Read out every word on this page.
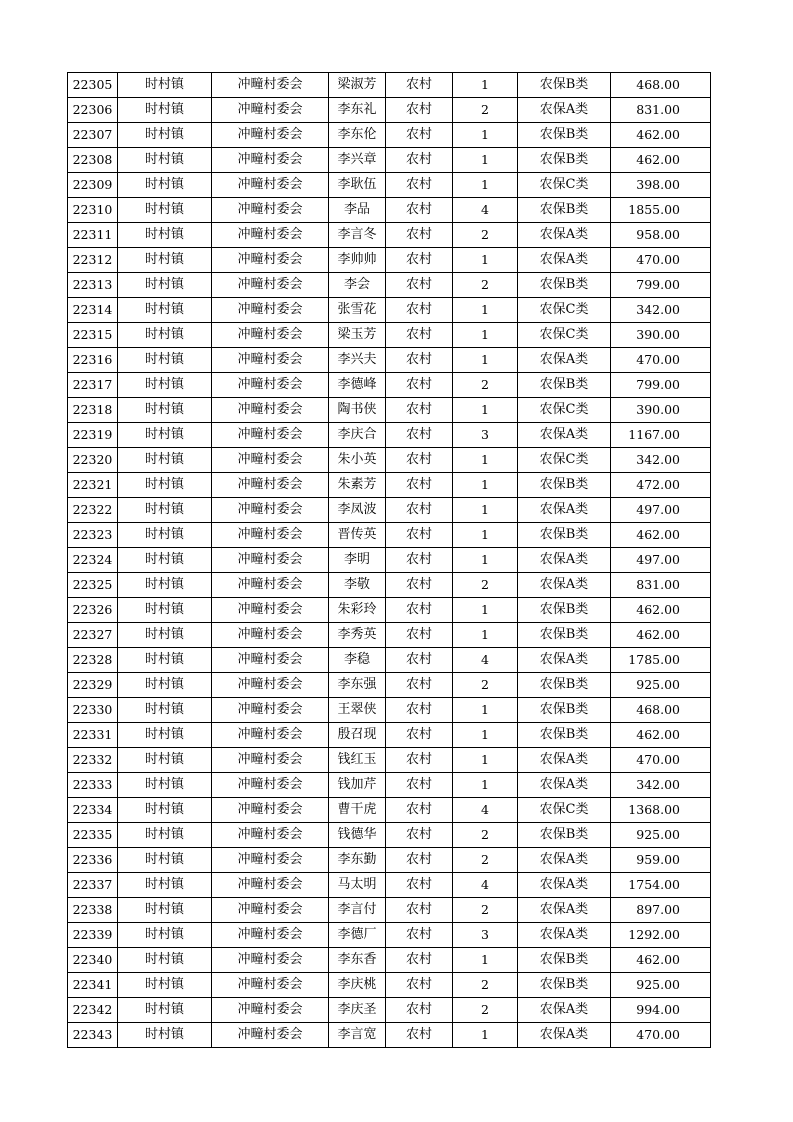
22305	时村镇	冲疃村委会	梁淑芳	农村	1	农保B类	468.00
22306	时村镇	冲疃村委会	李东礼	农村	2	农保A类	831.00
22307	时村镇	冲疃村委会	李东伦	农村	1	农保B类	462.00
22308	时村镇	冲疃村委会	李兴章	农村	1	农保B类	462.00
22309	时村镇	冲疃村委会	李耿伍	农村	1	农保C类	398.00
22310	时村镇	冲疃村委会	李品	农村	4	农保B类	1855.00
22311	时村镇	冲疃村委会	李言冬	农村	2	农保A类	958.00
22312	时村镇	冲疃村委会	李帅帅	农村	1	农保A类	470.00
22313	时村镇	冲疃村委会	李会	农村	2	农保B类	799.00
22314	时村镇	冲疃村委会	张雪花	农村	1	农保C类	342.00
22315	时村镇	冲疃村委会	梁玉芳	农村	1	农保C类	390.00
22316	时村镇	冲疃村委会	李兴夫	农村	1	农保A类	470.00
22317	时村镇	冲疃村委会	李德峰	农村	2	农保B类	799.00
22318	时村镇	冲疃村委会	陶书侠	农村	1	农保C类	390.00
22319	时村镇	冲疃村委会	李庆合	农村	3	农保A类	1167.00
22320	时村镇	冲疃村委会	朱小英	农村	1	农保C类	342.00
22321	时村镇	冲疃村委会	朱素芳	农村	1	农保B类	472.00
22322	时村镇	冲疃村委会	李凤波	农村	1	农保A类	497.00
22323	时村镇	冲疃村委会	晋传英	农村	1	农保B类	462.00
22324	时村镇	冲疃村委会	李明	农村	1	农保A类	497.00
22325	时村镇	冲疃村委会	李敬	农村	2	农保A类	831.00
22326	时村镇	冲疃村委会	朱彩玲	农村	1	农保B类	462.00
22327	时村镇	冲疃村委会	李秀英	农村	1	农保B类	462.00
22328	时村镇	冲疃村委会	李稳	农村	4	农保A类	1785.00
22329	时村镇	冲疃村委会	李东强	农村	2	农保B类	925.00
22330	时村镇	冲疃村委会	王翠侠	农村	1	农保B类	468.00
22331	时村镇	冲疃村委会	殷召现	农村	1	农保B类	462.00
22332	时村镇	冲疃村委会	钱红玉	农村	1	农保A类	470.00
22333	时村镇	冲疃村委会	钱加芹	农村	1	农保A类	342.00
22334	时村镇	冲疃村委会	曹干虎	农村	4	农保C类	1368.00
22335	时村镇	冲疃村委会	钱德华	农村	2	农保B类	925.00
22336	时村镇	冲疃村委会	李东勤	农村	2	农保A类	959.00
22337	时村镇	冲疃村委会	马太明	农村	4	农保A类	1754.00
22338	时村镇	冲疃村委会	李言付	农村	2	农保A类	897.00
22339	时村镇	冲疃村委会	李德厂	农村	3	农保A类	1292.00
22340	时村镇	冲疃村委会	李东香	农村	1	农保B类	462.00
22341	时村镇	冲疃村委会	李庆桃	农村	2	农保B类	925.00
22342	时村镇	冲疃村委会	李庆圣	农村	2	农保A类	994.00
22343	时村镇	冲疃村委会	李言宽	农村	1	农保A类	470.00
